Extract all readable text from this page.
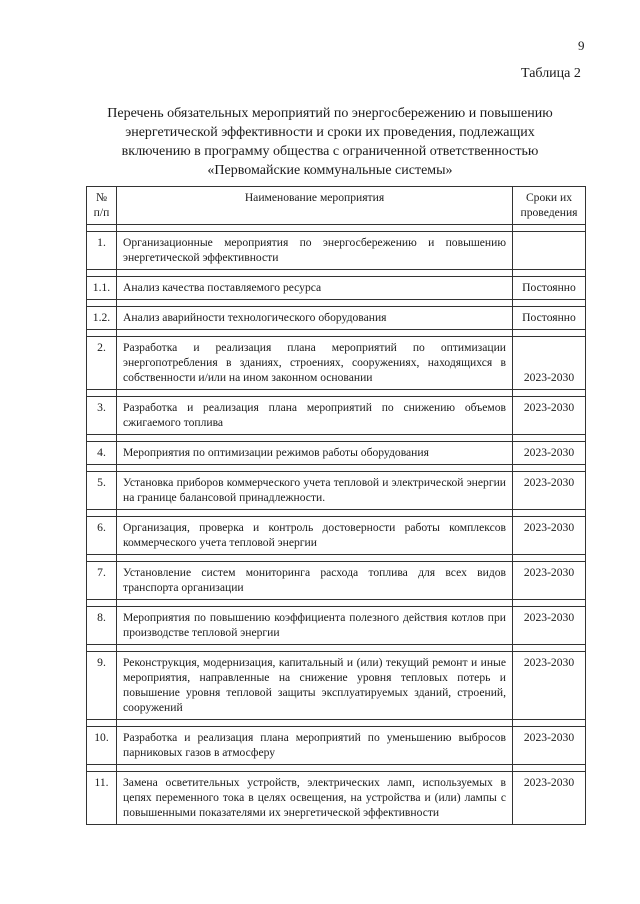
9
Таблица 2
Перечень обязательных мероприятий по энергосбережению и повышению
энергетической эффективности и сроки их проведения, подлежащих
включению в программу общества с ограниченной ответственностью
«Первомайские коммунальные системы»
№ п/п	Наименование мероприятия	Сроки их проведения

1.	Организационные мероприятия по энергосбережению и повышению энергетической эффективности	

1.1.	Анализ качества поставляемого ресурса	Постоянно

1.2.	Анализ аварийности технологического оборудования	Постоянно

2.	Разработка и реализация плана мероприятий по оптимизации энергопотребления в зданиях, строениях, сооружениях, находящихся в собственности и/или на ином законном основании	2023-2030

3.	Разработка и реализация плана мероприятий по снижению объемов сжигаемого топлива	2023-2030

4.	Мероприятия по оптимизации режимов работы оборудования	2023-2030

5.	Установка приборов коммерческого учета тепловой и электрической энергии на границе балансовой принадлежности.	2023-2030

6.	Организация, проверка и контроль достоверности работы комплексов коммерческого учета тепловой энергии	2023-2030

7.	Установление систем мониторинга расхода топлива для всех видов транспорта организации	2023-2030

8.	Мероприятия по повышению коэффициента полезного действия котлов при производстве тепловой энергии	2023-2030

9.	Реконструкция, модернизация, капитальный и (или) текущий ремонт и иные мероприятия, направленные на снижение уровня тепловых потерь и повышение уровня тепловой защиты эксплуатируемых зданий, строений, сооружений	2023-2030

10.	Разработка и реализация плана мероприятий по уменьшению выбросов парниковых газов в атмосферу	2023-2030

11.	Замена осветительных устройств, электрических ламп, используемых в цепях переменного тока в целях освещения, на устройства и (или) лампы с повышенными показателями их энергетической эффективности	2023-2030
